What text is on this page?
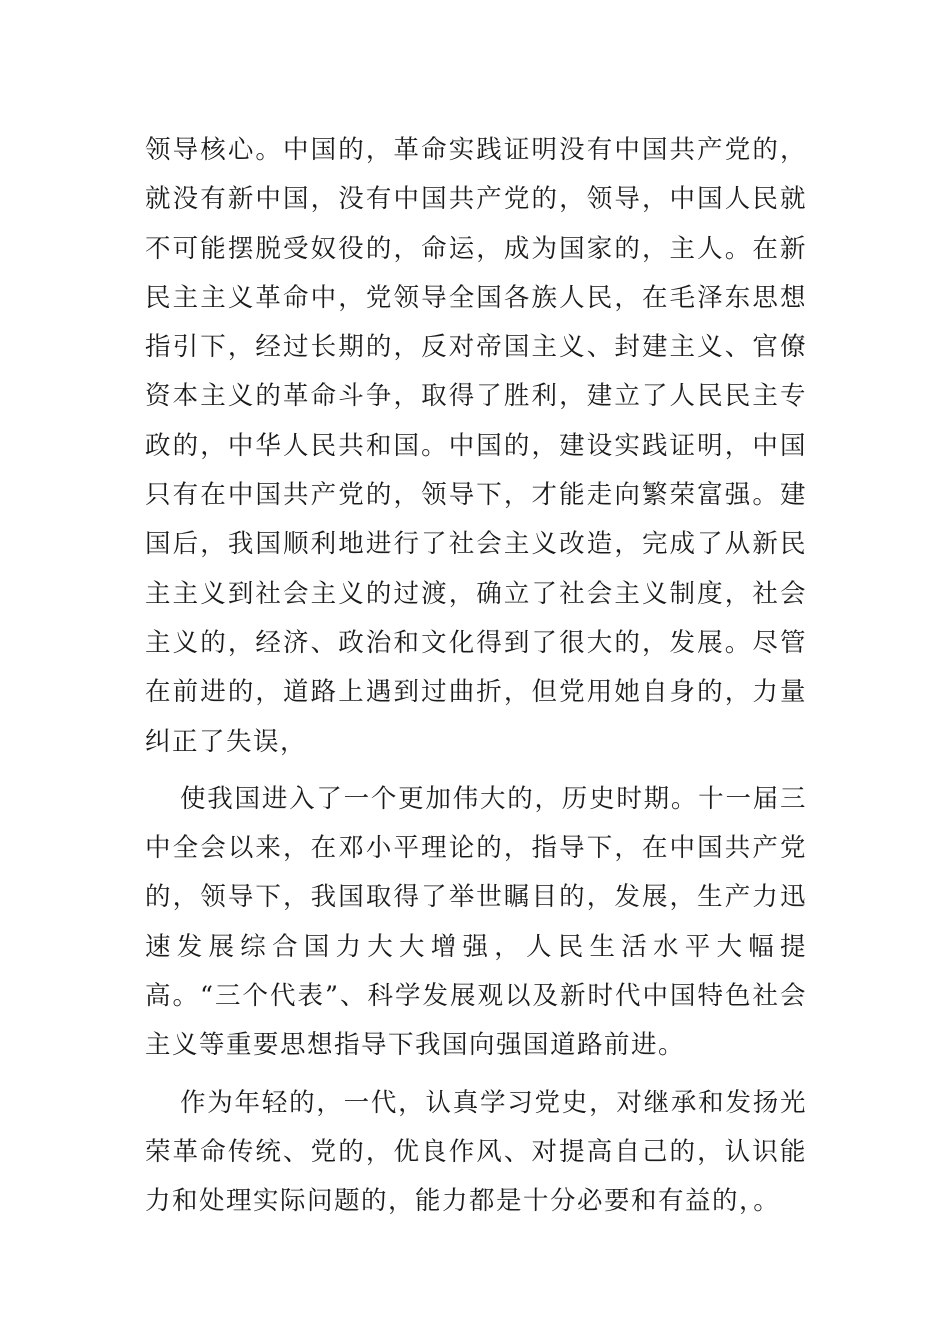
领导核心。中国的，革命实践证明没有中国共产党的，就没有新中国，没有中国共产党的，领导，中国人民就不可能摆脱受奴役的，命运，成为国家的，主人。在新民主主义革命中，党领导全国各族人民，在毛泽东思想指引下，经过长期的，反对帝国主义、封建主义、官僚资本主义的革命斗争，取得了胜利，建立了人民民主专政的，中华人民共和国。中国的，建设实践证明，中国只有在中国共产党的，领导下，才能走向繁荣富强。建国后，我国顺利地进行了社会主义改造，完成了从新民主主义到社会主义的过渡，确立了社会主义制度，社会主义的，经济、政治和文化得到了很大的，发展。尽管在前进的，道路上遇到过曲折，但党用她自身的，力量纠正了失误，

使我国进入了一个更加伟大的，历史时期。十一届三中全会以来，在邓小平理论的，指导下，在中国共产党的，领导下，我国取得了举世瞩目的，发展，生产力迅速发展综合国力大大增强，人民生活水平大幅提高。“三个代表”、科学发展观以及新时代中国特色社会主义等重要思想指导下我国向强国道路前进。

作为年轻的，一代，认真学习党史，对继承和发扬光荣革命传统、党的，优良作风、对提高自己的，认识能力和处理实际问题的，能力都是十分必要和有益的，。
